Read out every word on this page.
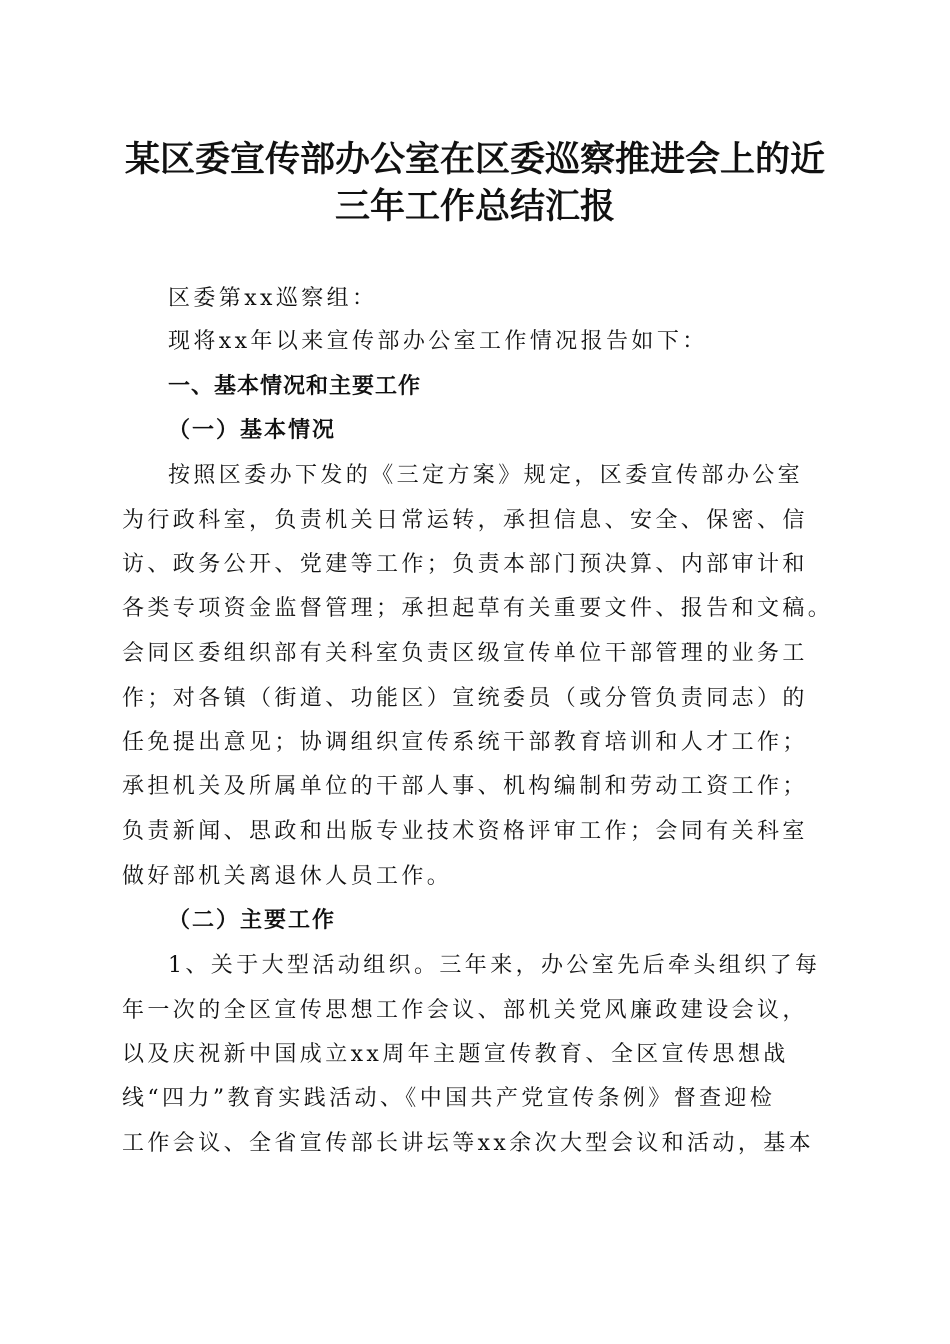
某区委宣传部办公室在区委巡察推进会上的近
三年工作总结汇报
区委第xx巡察组：
现将xx年以来宣传部办公室工作情况报告如下：
一、基本情况和主要工作
（一）基本情况
按照区委办下发的《三定方案》规定，区委宣传部办公室
为行政科室，负责机关日常运转，承担信息、安全、保密、信
访、政务公开、党建等工作；负责本部门预决算、内部审计和
各类专项资金监督管理；承担起草有关重要文件、报告和文稿。
会同区委组织部有关科室负责区级宣传单位干部管理的业务工
作；对各镇（街道、功能区）宣统委员（或分管负责同志）的
任免提出意见；协调组织宣传系统干部教育培训和人才工作；
承担机关及所属单位的干部人事、机构编制和劳动工资工作；
负责新闻、思政和出版专业技术资格评审工作；会同有关科室
做好部机关离退休人员工作。
（二）主要工作
1、关于大型活动组织。三年来，办公室先后牵头组织了每
年一次的全区宣传思想工作会议、部机关党风廉政建设会议，
以及庆祝新中国成立xx周年主题宣传教育、全区宣传思想战
线“四力”教育实践活动、《中国共产党宣传条例》督查迎检
工作会议、全省宣传部长讲坛等xx余次大型会议和活动，基本
